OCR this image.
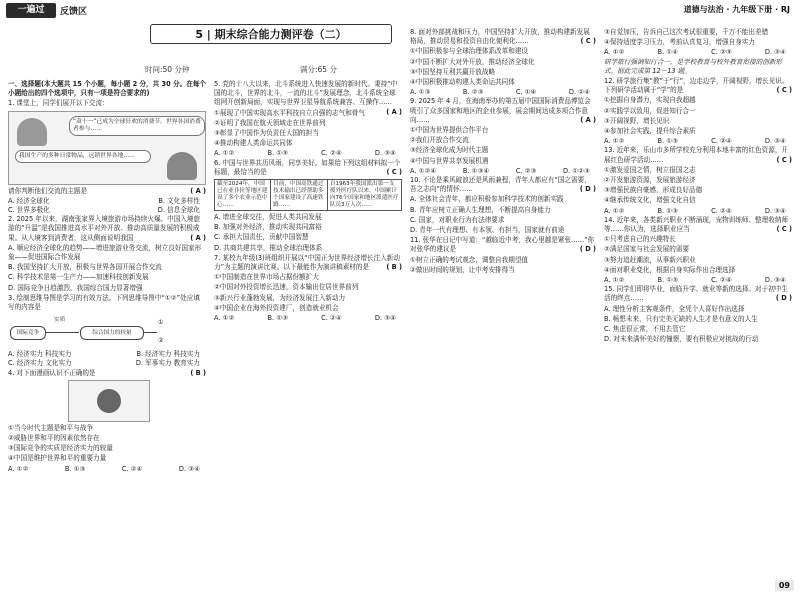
一遍过	反馈区	道德与法治 · 九年级下册 · RJ
5 | 期末综合能力测评卷（二）
时间:50 分钟	满分:65 分

一、选择题(本大题共 15 个小题，每小题 2 分，共 30 分。在每个小题给出的四个选项中，只有一项是符合要求的)

1. 课堂上，同学们展开以下交流：

“双十一”已成为全球狂欢的消费节，世界各国消费者参与……
我国生产的多种日常物品，远销世界各地……

请你判断他们交流的主题是	( A )

A. 经济全球化	B. 文化多样性
C. 世界多极化	D. 信息全球化

2. 2025 年以来，湖南张家界入境旅游市场持续火爆。中国入境旅游的“升温”是我国推进高水平对外开放、推动高质量发展的积极成果。从入境客到消费者，这从侧面说明我国	( A )

A. 顺应经济全球化的趋势——增进旅游业务交流，树立良好国家形象——促进国际合作发展

B. 我国坚持扩大开放，积极与世界各国开展合作交流

C. 科学技术是第一生产力——加速科技创新发展

D. 国际竞争日趋激烈，我国综合国力显著增强

3. 绘制思维导图是学习的有效方法。下列思维导图中“①②”处应填写的内容是

国际竞争
实质
综合国力的较量
①
②
A. 经济实力 科技实力	B. 经济实力 科技实力
C. 经济实力 文化实力	D. 军事实力 教育实力

4. 对下面漫画认识不正确的是	( B )

①当今时代主题是和平与战争

②威胁世界和平的因素依然存在

③国际竞争的实质是经济实力的较量

④中国是维护世界和平的重要力量

A. ①②	B. ①③	C. ②④	D. ③④

5. 党的十八大以来，北斗系统进入快速发展的新时代。秉持“中国的北斗，世界的北斗，一流的北斗”发展理念，北斗系统全球组网开创新局面，实现与世界卫星导航系统兼容、互操作……
( A )

①展现了中国实现高水平科技自立自强的志气和骨气

②证明了我国在航天领域走在世界前列

③彰显了中国作为负责任大国的担当

④推动构建人类命运共同体

A. ①②	B. ①③	C. ②④	D. ③④

6. 中国与世界共历风雨，同享美好。如果给下列这组材料拟一个标题，最恰当的是	( C )

截至2024年，中国已在亚非拉等地区建设了多个农业示范中心……	目前，中国高铁通过技术输出已经帮助多个国家建设了高速铁路……	自1963年我国派出第一支援外医疗队以来，中国累计向76个国家和地区派遣医疗队员3万人次……

A. 增进全球交往，促进人类共同发展

B. 加强对外经济，推动实现共同富裕

C. 承担大国责任，贡献中国智慧

D. 共商共建共享，推动全球治理体系

7. 某校九年级(3)班组织开展以“中国正为世界经济增长注入新动力”为主题的演讲比赛。以下最能作为演讲稿素材的是	( B )

①中国制造在世界市场占据份额扩大

②中国对外投资增长迅速，资本输出位居世界前列

③新兴行业蓬勃发展，为经济发展注入新动力

④中国企业在海外投资建厂，创造就业机会

A. ①②	B. ①③	C. ②④	D. ③④

8. 面对外部挑战和压力，中国坚持扩大开放，推动构建新发展格局，推动贸易和投资自由化便利化……	( C )

①中国积极参与全球治理体系改革和建设

②中国不断扩大对外开放，推动经济全球化

③中国坚持互利共赢开放战略

④中国积极推动构建人类命运共同体

A. ①③	B. ②③	C. ①④	D. ②④

9. 2025 年 4 月，在海南举办的第五届中国国际消费品博览会吸引了众多国家和地区的企业参展，展会期间达成多项合作意向……	( A )

①中国为世界提供合作平台

②我们开放合作交流

③经济全球化成为时代主题

④中国与世界共享发展机遇

A. ①②④	B. ①③④	C. ②③	D. ①②③

10. 不论是乘风破浪还是风雨兼程，青年人都应有“国之需要，吾之志向”的情怀……	( D )

A. 全体社会青年，都应积极参加科学技术的创新实践

B. 青年应树立正确人生理想，不断提高自身能力

C. 国家，对职业行为有法律要求

D. 青年一代有理想、有本领、有担当，国家就有前途

11. 张华在日记中写道：“越临近中考，我心里越是紧张……”你对张华的建议是	( D )

①树立正确的考试观念，调整自我期望值

②做出时间的规划，让中考安排得当

③自觉加压，告诉自己这次考试很重要，千万不能出差错

④保持适度学习压力，考前认真复习，增强自身实力

A. ①②	B. ①④	C. ②③	D. ③④

研学旅行强调知行合一，是学校教育与校外教育衔接的创新形式。据此完成第 12～13 题。

12. 研学旅行集“教”于“行”，边走边学，开阔视野，增长见识。下列研学活动属于“学”的是	( C )

①挖掘自身潜力，实现自我超越

②实践学以致用，促进知行合一

③开阔视野，增长见识

④参加社会实践，提升综合素质

A. ①②	B. ①③	C. ②④	D. ③④

13. 近年来，乐山市多所学校充分利用本地丰富的红色资源，开展红色研学活动……	( C )

①激发爱国之情，树立报国之志

②开发旅游资源，发展旅游经济

③增强民族自豪感，形成良好品德

④继承传统文化，增强文化自信

A. ①②	B. ①③	C. ②④	D. ③④

14. 近年来，各类新兴职业不断涌现，宠物训练师、整理收纳师等……你认为，选择职业应当	( C )

①只考虑自己的兴趣特长

②满足国家与社会发展的需要

③努力追赶潮流，从事新兴职业

④面对职业变化，根据自身实际作出合理选择

A. ①②	B. ①③	C. ②④	D. ③④

15. 同学们即将毕业，面临升学、就业等新的选择。对于初中生活的终点……	( D )

A. 理性分析主客观条件，全凭个人喜好作出选择

B. 畅想未来，只有完美无缺的人生才是有意义的人生

C. 焦虑很正常，不用去管它

D. 对未来满怀美好的憧憬，要有积极应对挑战的行动

09
